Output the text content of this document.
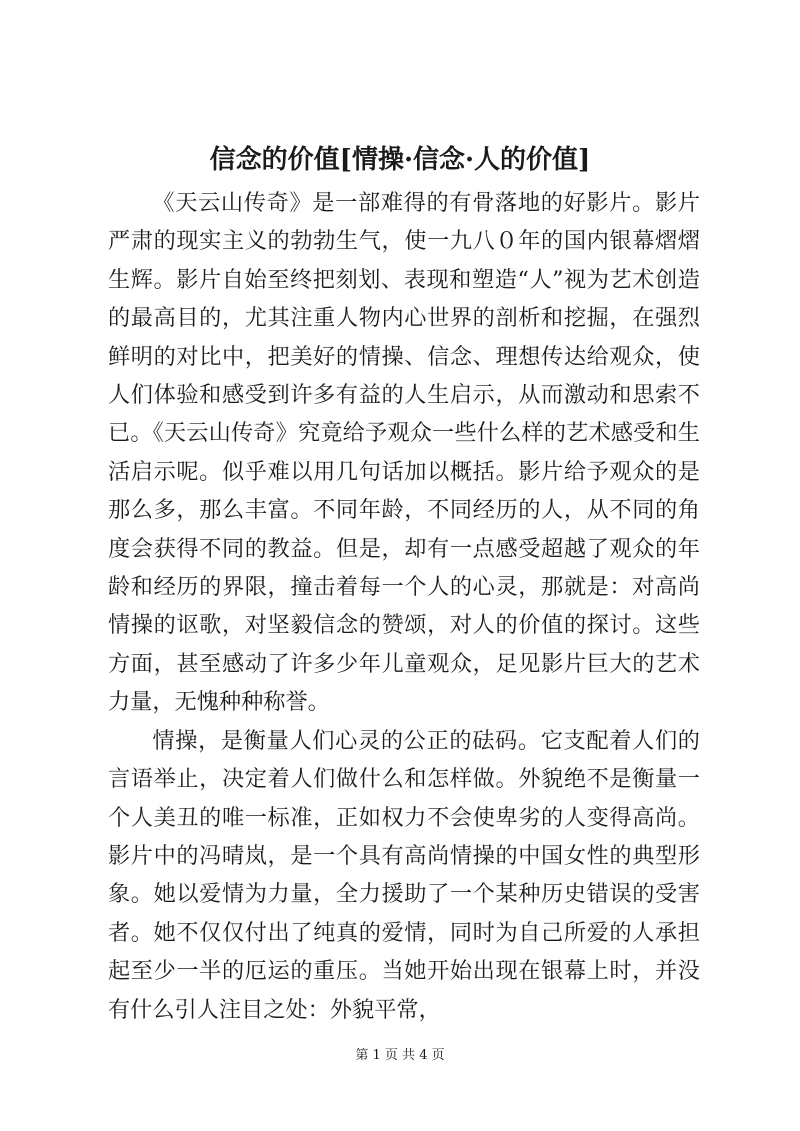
信念的价值[情操·信念·人的价值]

《天云山传奇》是一部难得的有骨落地的好影片。影片严肃的现实主义的勃勃生气，使一九八０年的国内银幕熠熠生辉。影片自始至终把刻划、表现和塑造“人”视为艺术创造的最高目的，尤其注重人物内心世界的剖析和挖掘，在强烈鲜明的对比中，把美好的情操、信念、理想传达给观众，使人们体验和感受到许多有益的人生启示，从而激动和思索不已。《天云山传奇》究竟给予观众一些什么样的艺术感受和生活启示呢。似乎难以用几句话加以概括。影片给予观众的是那么多，那么丰富。不同年龄，不同经历的人，从不同的角度会获得不同的教益。但是，却有一点感受超越了观众的年龄和经历的界限，撞击着每一个人的心灵，那就是：对高尚情操的讴歌，对坚毅信念的赞颂，对人的价值的探讨。这些方面，甚至感动了许多少年儿童观众，足见影片巨大的艺术力量，无愧种种称誉。

情操，是衡量人们心灵的公正的砝码。它支配着人们的言语举止，决定着人们做什么和怎样做。外貌绝不是衡量一个人美丑的唯一标准，正如权力不会使卑劣的人变得高尚。影片中的冯晴岚，是一个具有高尚情操的中国女性的典型形象。她以爱情为力量，全力援助了一个某种历史错误的受害者。她不仅仅付出了纯真的爱情，同时为自己所爱的人承担起至少一半的厄运的重压。当她开始出现在银幕上时，并没有什么引人注目之处：外貌平常，

第 1 页 共 4 页
